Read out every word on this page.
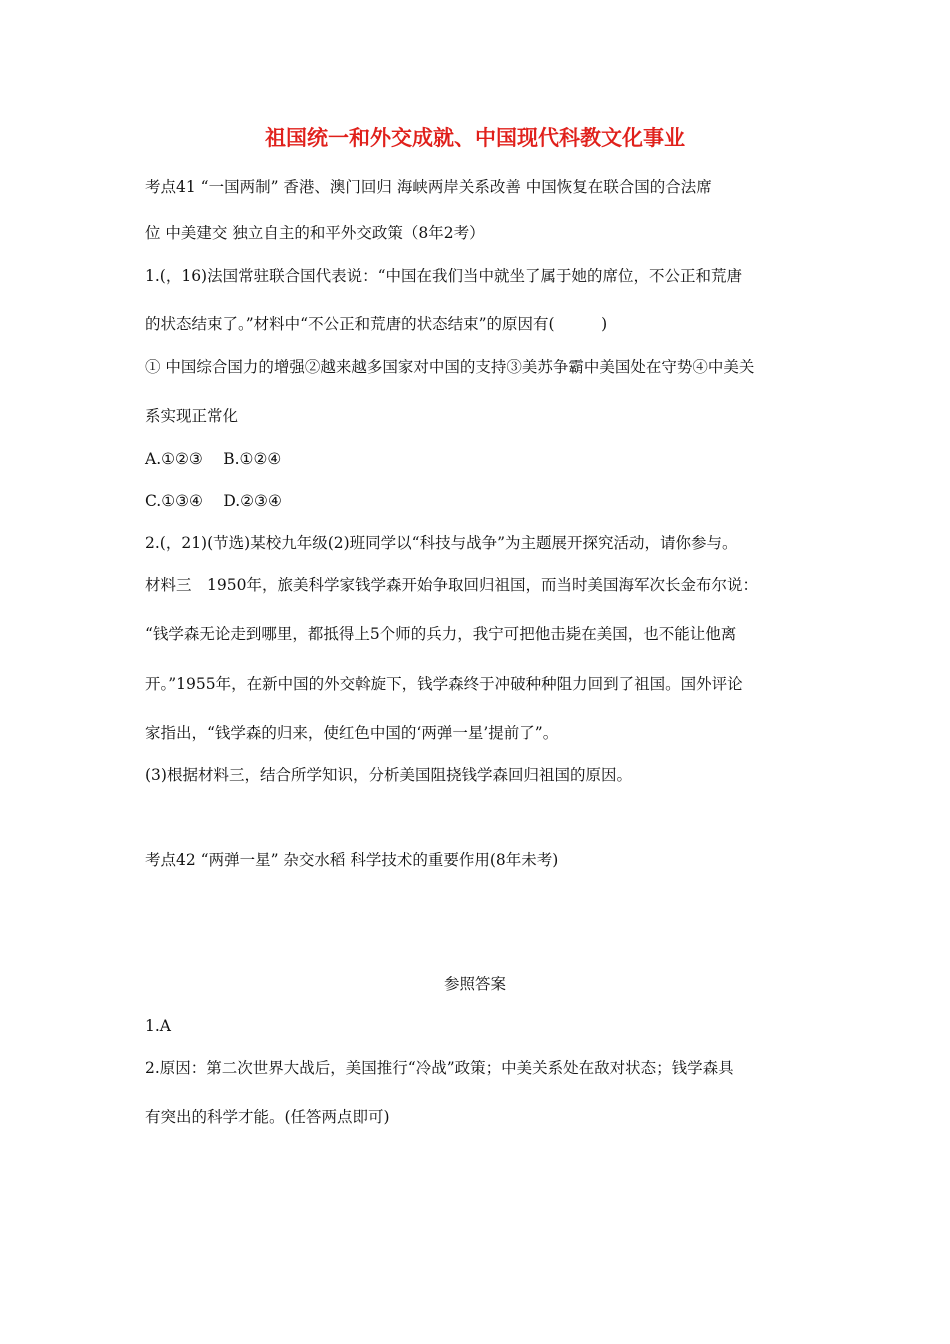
祖国统一和外交成就、中国现代科教文化事业
考点41 “一国两制” 香港、澳门回归 海峡两岸关系改善 中国恢复在联合国的合法席
位 中美建交 独立自主的和平外交政策（8年2考）
1.(，16)法国常驻联合国代表说：“中国在我们当中就坐了属于她的席位，不公正和荒唐
的状态结束了。”材料中“不公正和荒唐的状态结束”的原因有(　　　)
① 中国综合国力的增强②越来越多国家对中国的支持③美苏争霸中美国处在守势④中美关
系实现正常化
A.①②③　 B.①②④
C.①③④　 D.②③④
2.(，21)(节选)某校九年级(2)班同学以“科技与战争”为主题展开探究活动，请你参与。
材料三　1950年，旅美科学家钱学森开始争取回归祖国，而当时美国海军次长金布尔说：
“钱学森无论走到哪里，都抵得上5个师的兵力，我宁可把他击毙在美国，也不能让他离
开。”1955年，在新中国的外交斡旋下，钱学森终于冲破种种阻力回到了祖国。国外评论
家指出，“钱学森的归来，使红色中国的‘两弹一星’提前了”。
(3)根据材料三，结合所学知识，分析美国阻挠钱学森回归祖国的原因。
考点42 “两弹一星” 杂交水稻 科学技术的重要作用(8年未考)
参照答案
1.A
2.原因：第二次世界大战后，美国推行“冷战”政策；中美关系处在敌对状态；钱学森具
有突出的科学才能。(任答两点即可)
